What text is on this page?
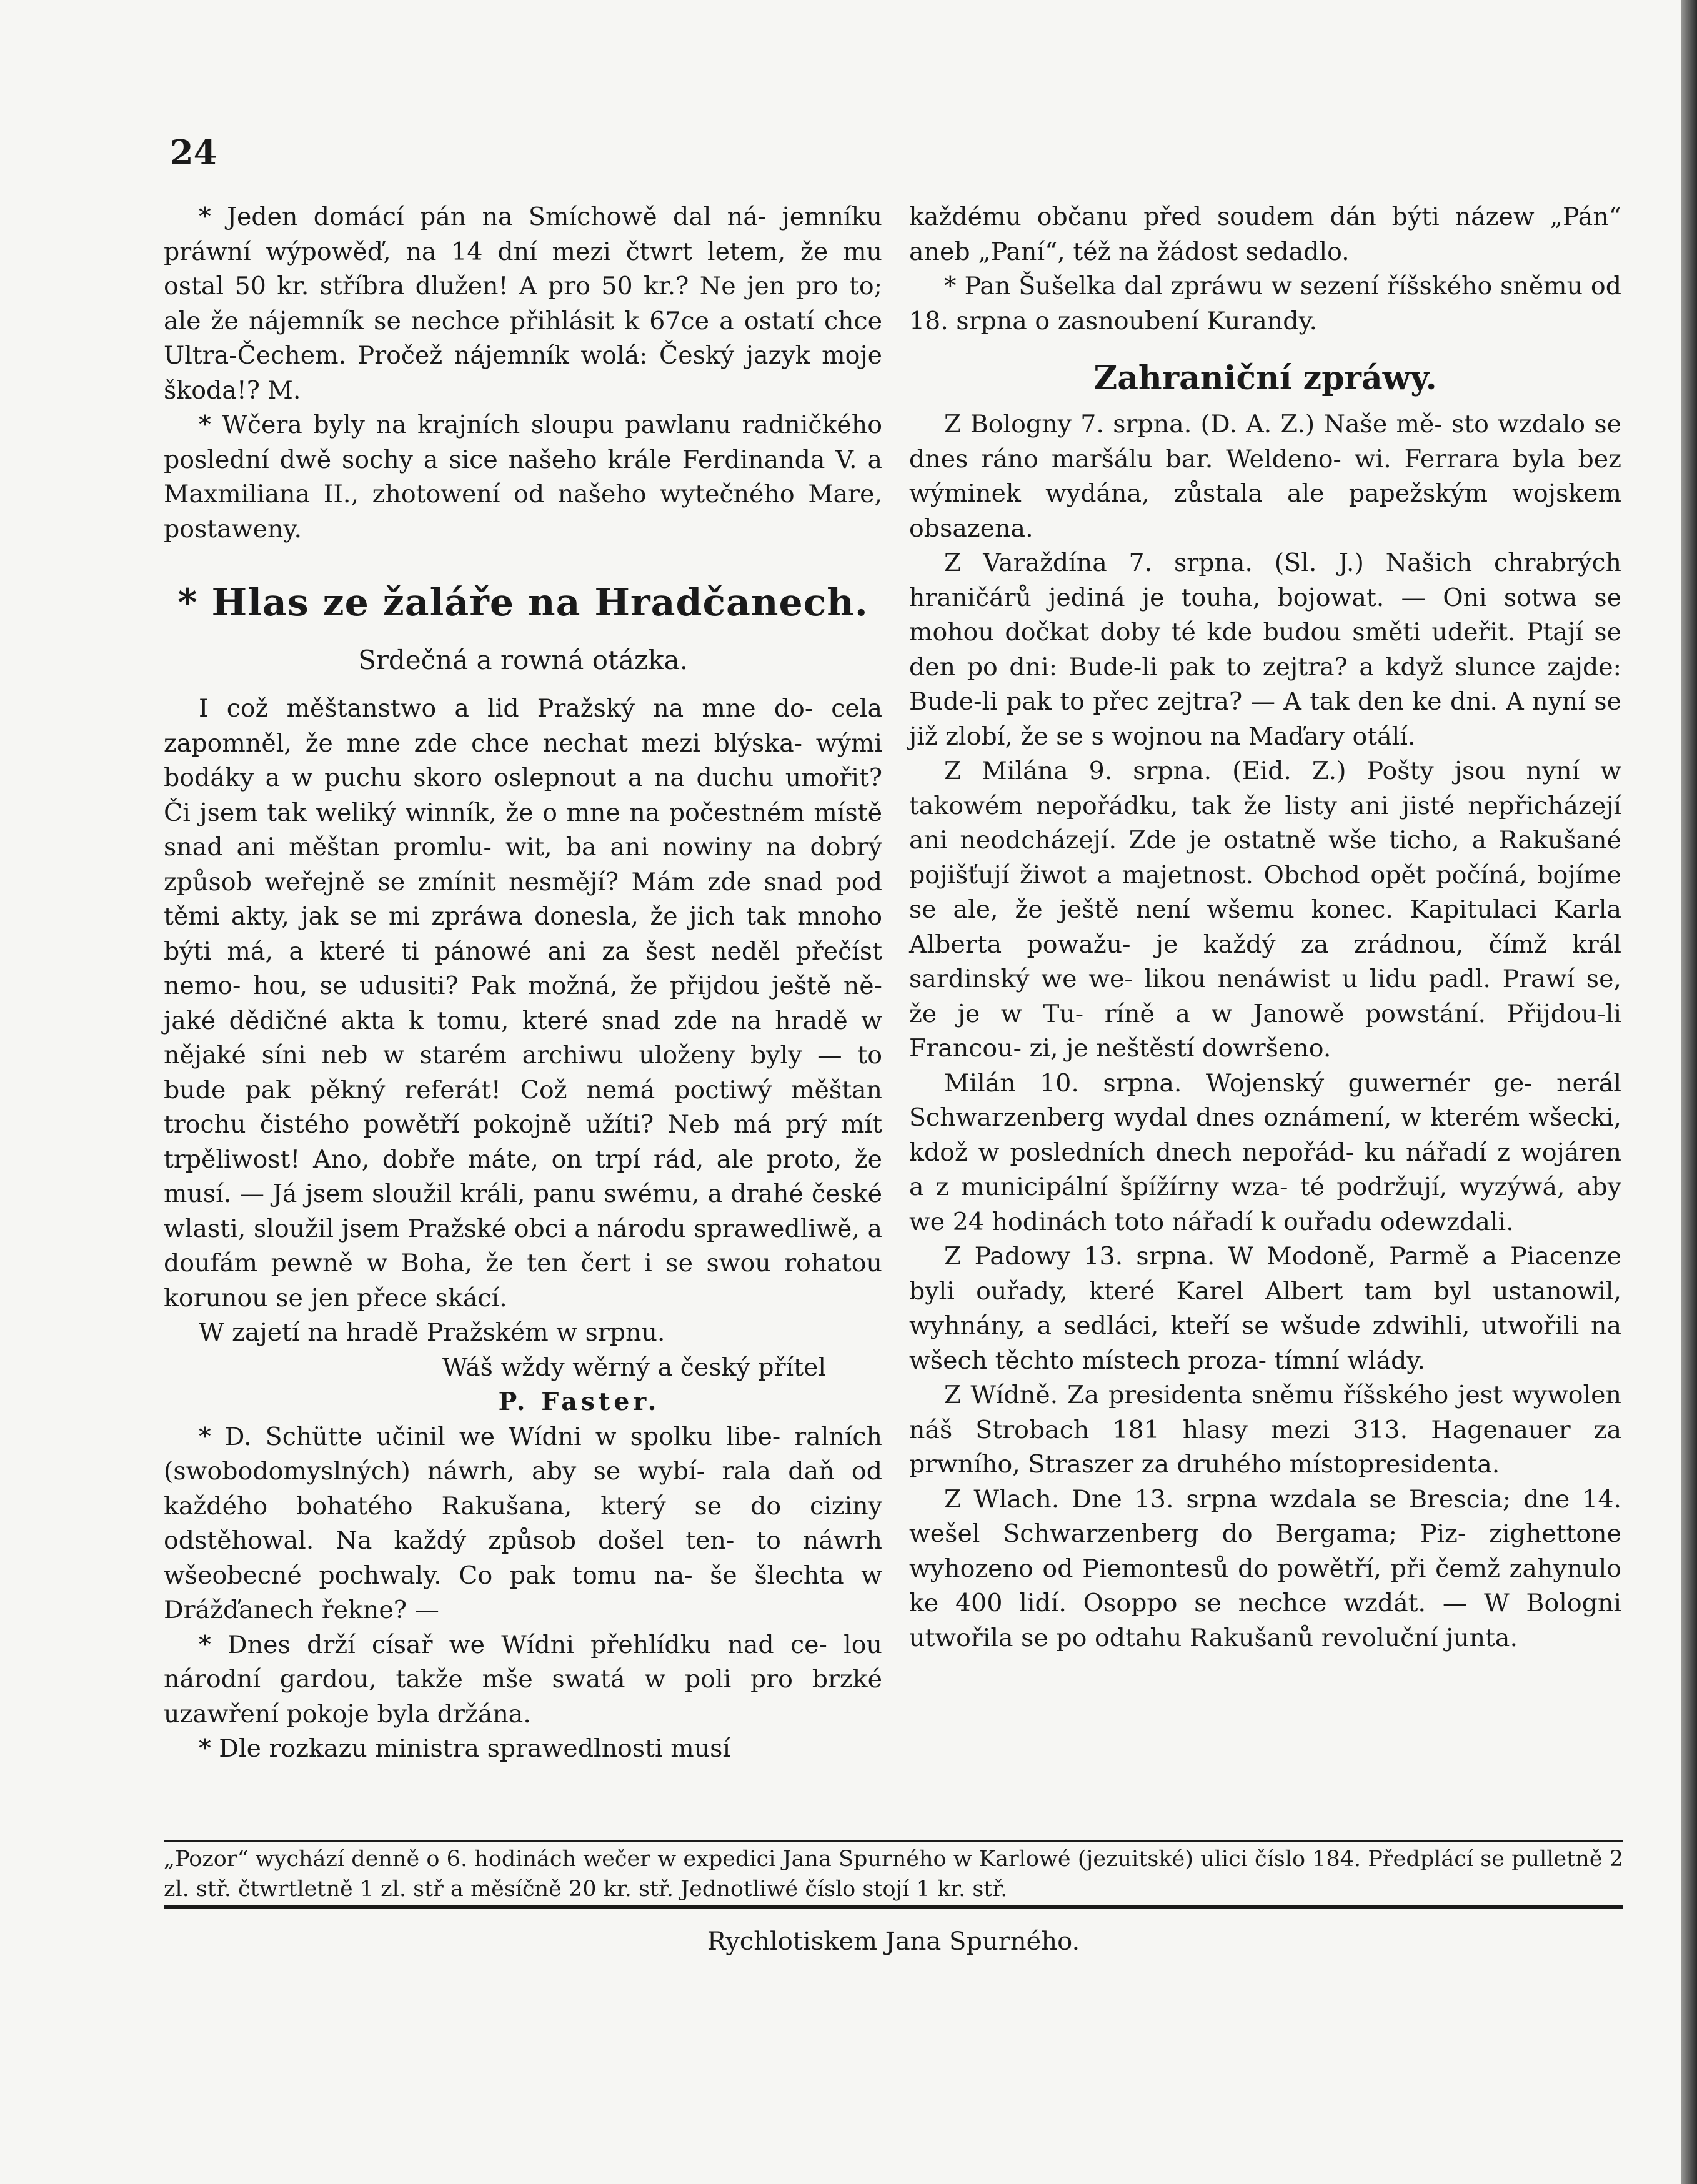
24

* Jeden domácí pán na Smíchowě dal ná- jemníku práwní wýpowěď, na 14 dní mezi čtwrt letem, že mu ostal 50 kr. stříbra dlužen! A pro 50 kr.? Ne jen pro to; ale že nájemník se nechce přihlásit k 67ce a ostatí chce Ultra-Čechem. Pročež nájemník wolá: Český jazyk moje škoda!? M.

* Wčera byly na krajních sloupu pawlanu radničkého poslední dwě sochy a sice našeho krále Ferdinanda V. a Maxmiliana II., zhotowení od našeho wytečného Mare, postaweny.

* Hlas ze žaláře na Hradčanech.
Srdečná a rowná otázka.

I což měštanstwo a lid Pražský na mne do- cela zapomněl, že mne zde chce nechat mezi blýska- wými bodáky a w puchu skoro oslepnout a na duchu umořit? Či jsem tak weliký winník, že o mne na počestném místě snad ani měštan promlu- wit, ba ani nowiny na dobrý způsob weřejně se zmínit nesmějí? Mám zde snad pod těmi akty, jak se mi zpráwa donesla, že jich tak mnoho býti má, a které ti pánowé ani za šest neděl přečíst nemo- hou, se udusiti? Pak možná, že přijdou ještě ně- jaké dědičné akta k tomu, které snad zde na hradě w nějaké síni neb w starém archiwu uloženy byly — to bude pak pěkný referát! Což nemá poctiwý měštan trochu čistého powětří pokojně užíti? Neb má prý mít trpěliwost! Ano, dobře máte, on trpí rád, ale proto, že musí. — Já jsem sloužil králi, panu swému, a drahé české wlasti, sloužil jsem Pražské obci a národu sprawedliwě, a doufám pewně w Boha, že ten čert i se swou rohatou korunou se jen přece skácí.

W zajetí na hradě Pražském w srpnu.

Wáš wždy wěrný a český přítel

P. Faster.

* D. Schütte učinil we Wídni w spolku libe- ralních (swobodomyslných) náwrh, aby se wybí- rala daň od každého bohatého Rakušana, který se do ciziny odstěhowal. Na každý způsob došel ten- to náwrh wšeobecné pochwaly. Co pak tomu na- še šlechta w Drážďanech řekne? —

* Dnes drží císař we Wídni přehlídku nad ce- lou národní gardou, takže mše swatá w poli pro brzké uzawření pokoje byla držána.

* Dle rozkazu ministra sprawedlnosti musí

každému občanu před soudem dán býti názew „Pán“ aneb „Paní“, též na žádost sedadlo.

* Pan Šušelka dal zpráwu w sezení říšského sněmu od 18. srpna o zasnoubení Kurandy.

Zahraniční zpráwy.

Z Bologny 7. srpna. (D. A. Z.) Naše mě- sto wzdalo se dnes ráno maršálu bar. Weldeno- wi. Ferrara byla bez wýminek wydána, zůstala ale papežským wojskem obsazena.

Z Varaždína 7. srpna. (Sl. J.) Našich chrabrých hraničárů jediná je touha, bojowat. — Oni sotwa se mohou dočkat doby té kde budou směti udeřit. Ptají se den po dni: Bude-li pak to zejtra? a když slunce zajde: Bude-li pak to přec zejtra? — A tak den ke dni. A nyní se již zlobí, že se s wojnou na Maďary otálí.

Z Milána 9. srpna. (Eid. Z.) Pošty jsou nyní w takowém nepořádku, tak že listy ani jisté nepřicházejí ani neodcházejí. Zde je ostatně wše ticho, a Rakušané pojišťují žiwot a majetnost. Obchod opět počíná, bojíme se ale, že ještě není wšemu konec. Kapitulaci Karla Alberta powažu- je každý za zrádnou, čímž král sardinský we we- likou nenáwist u lidu padl. Prawí se, že je w Tu- ríně a w Janowě powstání. Přijdou-li Francou- zi, je neštěstí dowršeno.

Milán 10. srpna. Wojenský guwernér ge- nerál Schwarzenberg wydal dnes oznámení, w kterém wšecki, kdož w posledních dnech nepořád- ku nářadí z wojáren a z municipální špížírny wza- té podržují, wyzýwá, aby we 24 hodinách toto nářadí k ouřadu odewzdali.

Z Padowy 13. srpna. W Modoně, Parmě a Piacenze byli ouřady, které Karel Albert tam byl ustanowil, wyhnány, a sedláci, kteří se wšude zdwihli, utwořili na wšech těchto místech proza- tímní wlády.

Z Wídně. Za presidenta sněmu říšského jest wywolen náš Strobach 181 hlasy mezi 313. Hagenauer za prwního, Straszer za druhého místopresidenta.

Z Wlach. Dne 13. srpna wzdala se Brescia; dne 14. wešel Schwarzenberg do Bergama; Piz- zighettone wyhozeno od Piemontesů do powětří, při čemž zahynulo ke 400 lidí. Osoppo se nechce wzdát. — W Bologni utwořila se po odtahu Rakušanů revoluční junta.

„Pozor“ wychází denně o 6. hodinách wečer w expedici Jana Spurného w Karlowé (jezuitské) ulici číslo 184. Předplácí se pulletně 2 zl. stř. čtwrtletně 1 zl. stř a měsíčně 20 kr. stř. Jednotliwé číslo stojí 1 kr. stř.
Rychlotiskem Jana Spurného.
